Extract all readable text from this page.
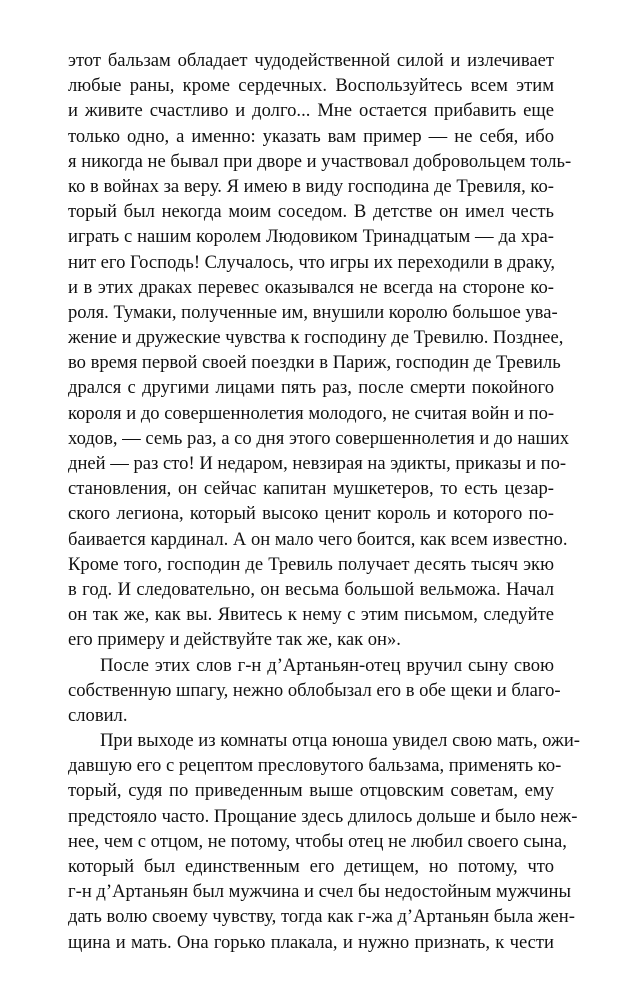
этот бальзам обладает чудодейственной силой и излечивает
любые раны, кроме сердечных. Воспользуйтесь всем этим
и живите счастливо и долго... Мне остается прибавить еще
только одно, а именно: указать вам пример — не себя, ибо
я никогда не бывал при дворе и участвовал добровольцем толь-
ко в войнах за веру. Я имею в виду господина де Тревиля, ко-
торый был некогда моим соседом. В детстве он имел честь
играть с нашим королем Людовиком Тринадцатым — да хра-
нит его Господь! Случалось, что игры их переходили в драку,
и в этих драках перевес оказывался не всегда на стороне ко-
роля. Тумаки, полученные им, внушили королю большое ува-
жение и дружеские чувства к господину де Тревилю. Позднее,
во время первой своей поездки в Париж, господин де Тревиль
дрался с другими лицами пять раз, после смерти покойного
короля и до совершеннолетия молодого, не считая войн и по-
ходов, — семь раз, а со дня этого совершеннолетия и до наших
дней — раз сто! И недаром, невзирая на эдикты, приказы и по-
становления, он сейчас капитан мушкетеров, то есть цезар-
ского легиона, который высоко ценит король и которого по-
баивается кардинал. А он мало чего боится, как всем известно.
Кроме того, господин де Тревиль получает десять тысяч экю
в год. И следовательно, он весьма большой вельможа. Начал
он так же, как вы. Явитесь к нему с этим письмом, следуйте
его примеру и действуйте так же, как он».
После этих слов г-н д’Артаньян-отец вручил сыну свою
собственную шпагу, нежно облобызал его в обе щеки и благо-
словил.
При выходе из комнаты отца юноша увидел свою мать, ожи-
давшую его с рецептом пресловутого бальзама, применять ко-
торый, судя по приведенным выше отцовским советам, ему
предстояло часто. Прощание здесь длилось дольше и было неж-
нее, чем с отцом, не потому, чтобы отец не любил своего сына,
который был единственным его детищем, но потому, что
г-н д’Артаньян был мужчина и счел бы недостойным мужчины
дать волю своему чувству, тогда как г-жа д’Артаньян была жен-
щина и мать. Она горько плакала, и нужно признать, к чести
